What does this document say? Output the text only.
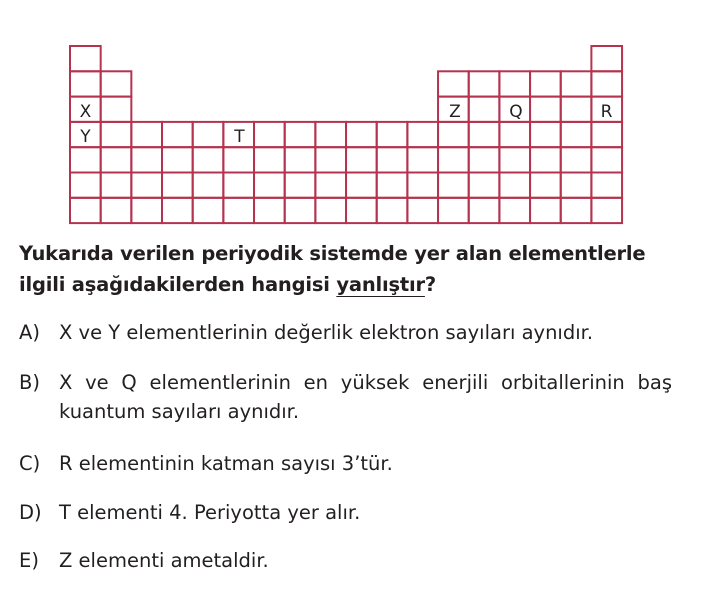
X
Y	T
Z	Q	R
Yukarıda verilen periyodik sistemde yer alan elementlerle ilgili aşağıdakilerden hangisi yanlıştır?
A) X ve Y elementlerinin değerlik elektron sayıları aynıdır.
B) X ve Q elementlerinin en yüksek enerjili orbitallerinin baş kuantum sayıları aynıdır.
C) R elementinin katman sayısı 3’tür.
D) T elementi 4. Periyotta yer alır.
E) Z elementi ametaldir.
